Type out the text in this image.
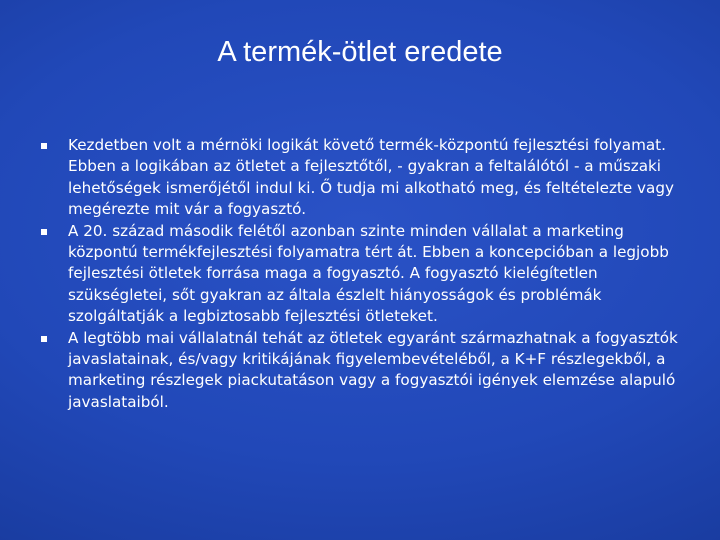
A termék-ötlet eredete
Kezdetben volt a mérnöki logikát követő termék-központú fejlesztési folyamat. Ebben a logikában az ötletet a fejlesztőtől, - gyakran a feltalálótól - a műszaki lehetőségek ismerőjétől indul ki. Ő tudja mi alkotható meg, és feltételezte vagy megérezte mit vár a fogyasztó.
A 20. század második felétől azonban szinte minden vállalat a marketing központú termékfejlesztési folyamatra tért át. Ebben a koncepcióban a legjobb fejlesztési ötletek forrása maga a fogyasztó. A fogyasztó kielégítetlen szükségletei, sőt gyakran az általa észlelt hiányosságok és problémák szolgáltatják a legbiztosabb fejlesztési ötleteket.
A legtöbb mai vállalatnál tehát az ötletek egyaránt származhatnak a fogyasztók javaslatainak, és/vagy kritikájának figyelembevételéből, a K+F részlegekből, a marketing részlegek piackutatáson vagy a fogyasztói igények elemzése alapuló javaslataiból.
